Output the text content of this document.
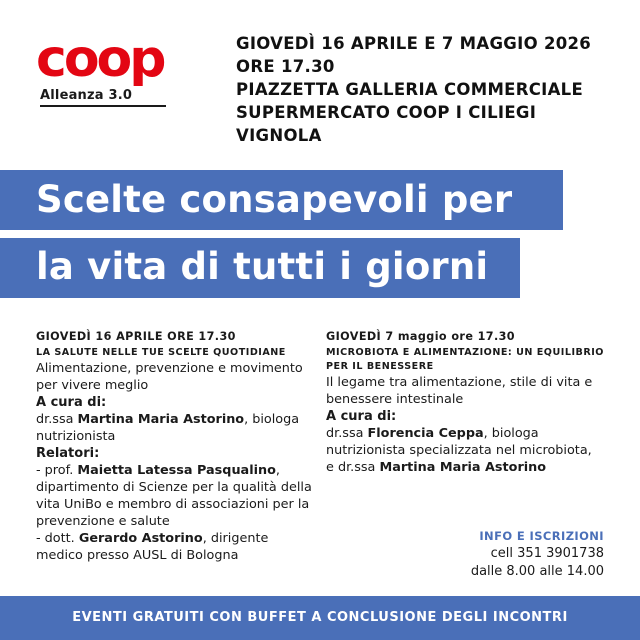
coop
Alleanza 3.0
GIOVEDÌ 16 APRILE E 7 MAGGIO 2026
ORE 17.30
PIAZZETTA GALLERIA COMMERCIALE
SUPERMERCATO COOP I CILIEGI
VIGNOLA
Scelte consapevoli per
la vita di tutti i giorni
GIOVEDÌ 16 APRILE ORE 17.30
LA SALUTE NELLE TUE SCELTE QUOTIDIANE

Alimentazione, prevenzione e movimento per vivere meglio

A cura di:

dr.ssa Martina Maria Astorino, biologa nutrizionista

Relatori:

- prof. Maietta Latessa Pasqualino, dipartimento di Scienze per la qualità della vita UniBo e membro di associazioni per la prevenzione e salute

- dott. Gerardo Astorino, dirigente medico presso AUSL di Bologna

GIOVEDÌ 7 maggio ore 17.30
MICROBIOTA E ALIMENTAZIONE: UN EQUILIBRIO PER IL BENESSERE

Il legame tra alimentazione, stile di vita e benessere intestinale

A cura di:

dr.ssa Florencia Ceppa, biologa nutrizionista specializzata nel microbiota,
e dr.ssa Martina Maria Astorino

INFO E ISCRIZIONI
cell 351 3901738
dalle 8.00 alle 14.00
EVENTI GRATUITI CON BUFFET A CONCLUSIONE DEGLI INCONTRI
